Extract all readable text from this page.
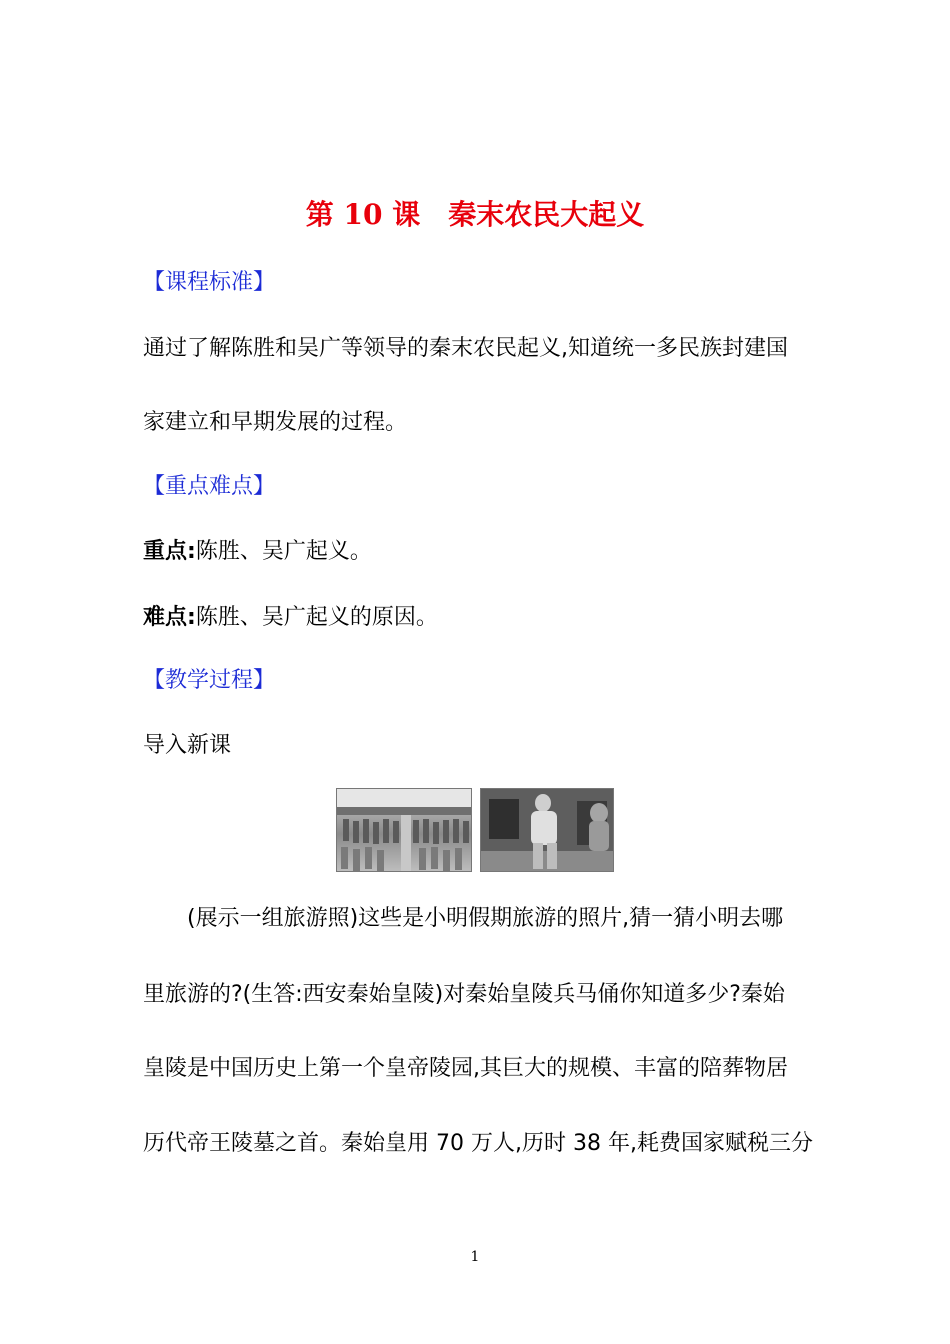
第 10 课 秦末农民大起义
【课程标准】
通过了解陈胜和吴广等领导的秦末农民起义,知道统一多民族封建国
家建立和早期发展的过程。
【重点难点】
重点:陈胜、吴广起义。
难点:陈胜、吴广起义的原因。
【教学过程】
导入新课
(展示一组旅游照)这些是小明假期旅游的照片,猜一猜小明去哪
里旅游的?(生答:西安秦始皇陵)对秦始皇陵兵马俑你知道多少?秦始
皇陵是中国历史上第一个皇帝陵园,其巨大的规模、丰富的陪葬物居
历代帝王陵墓之首。秦始皇用 70 万人,历时 38 年,耗费国家赋税三分
1
